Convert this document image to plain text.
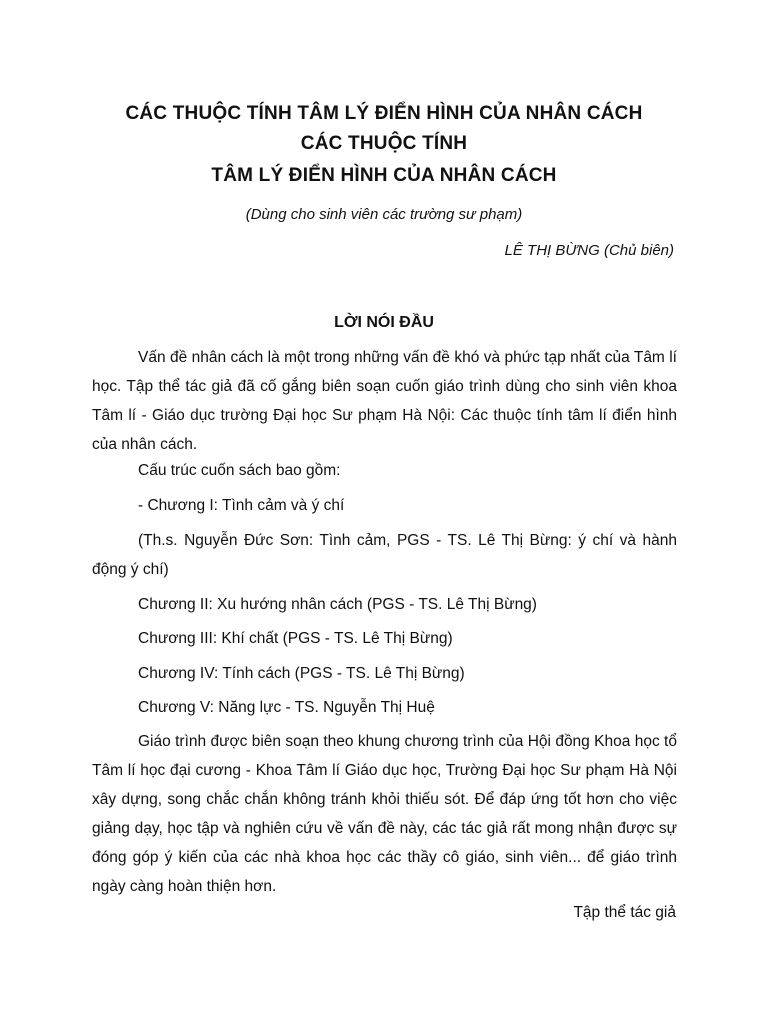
CÁC THUỘC TÍNH TÂM LÝ ĐIỂN HÌNH CỦA NHÂN CÁCH
CÁC THUỘC TÍNH
TÂM LÝ ĐIỂN HÌNH CỦA NHÂN CÁCH
(Dùng cho sinh viên các trường sư phạm)
LÊ THỊ BỪNG (Chủ biên)
LỜI NÓI ĐẦU
Vấn đề nhân cách là một trong những vấn đề khó và phức tạp nhất của Tâm lí học. Tập thể tác giả đã cố gắng biên soạn cuốn giáo trình dùng cho sinh viên khoa Tâm lí - Giáo dục trường Đại học Sư phạm Hà Nội: Các thuộc tính tâm lí điển hình của nhân cách.
Cấu trúc cuốn sách bao gồm:
- Chương I: Tình cảm và ý chí
(Th.s. Nguyễn Đức Sơn: Tình cảm, PGS - TS. Lê Thị Bừng: ý chí và hành động ý chí)
Chương II: Xu hướng nhân cách (PGS - TS. Lê Thị Bừng)
Chương III: Khí chất (PGS - TS. Lê Thị Bừng)
Chương IV: Tính cách (PGS - TS. Lê Thị Bừng)
Chương V: Năng lực - TS. Nguyễn Thị Huệ
Giáo trình được biên soạn theo khung chương trình của Hội đồng Khoa học tổ Tâm lí học đại cương - Khoa Tâm lí Giáo dục học, Trường Đại học Sư phạm Hà Nội xây dựng, song chắc chắn không tránh khỏi thiếu sót. Để đáp ứng tốt hơn cho việc giảng dạy, học tập và nghiên cứu về vấn đề này, các tác giả rất mong nhận được sự đóng góp ý kiến của các nhà khoa học các thầy cô giáo, sinh viên... để giáo trình ngày càng hoàn thiện hơn.
Tập thể tác giả
